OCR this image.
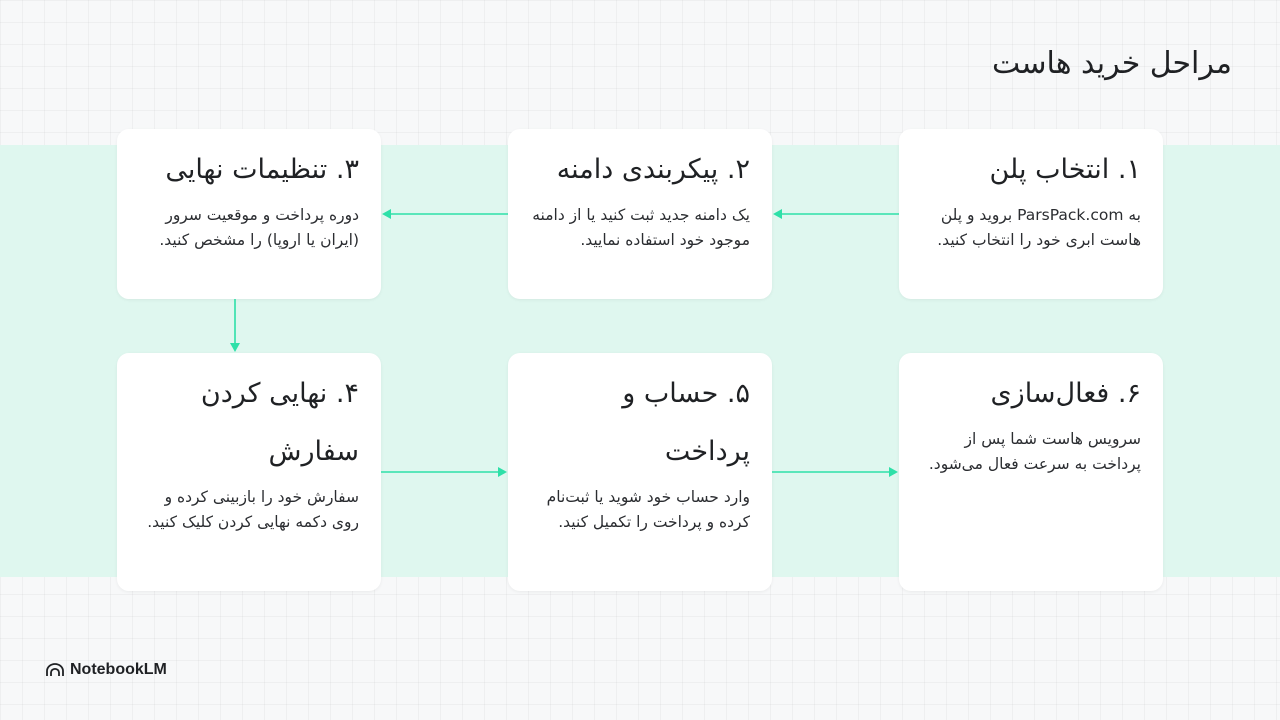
مراحل خرید هاست
۱. انتخاب پلن
به ParsPack.com بروید و پلن هاست ابری خود را انتخاب کنید.
۲. پیکربندی دامنه
یک دامنه جدید ثبت کنید یا از دامنه موجود خود استفاده نمایید.
۳. تنظیمات نهایی
دوره پرداخت و موقعیت سرور (ایران یا اروپا) را مشخص کنید.
۴. نهایی کردن سفارش
سفارش خود را بازبینی کرده و روی دکمه نهایی کردن کلیک کنید.
۵. حساب و پرداخت
وارد حساب خود شوید یا ثبت‌نام کرده و پرداخت را تکمیل کنید.
۶. فعال‌سازی
سرویس هاست شما پس از پرداخت به سرعت فعال می‌شود.
NotebookLM
